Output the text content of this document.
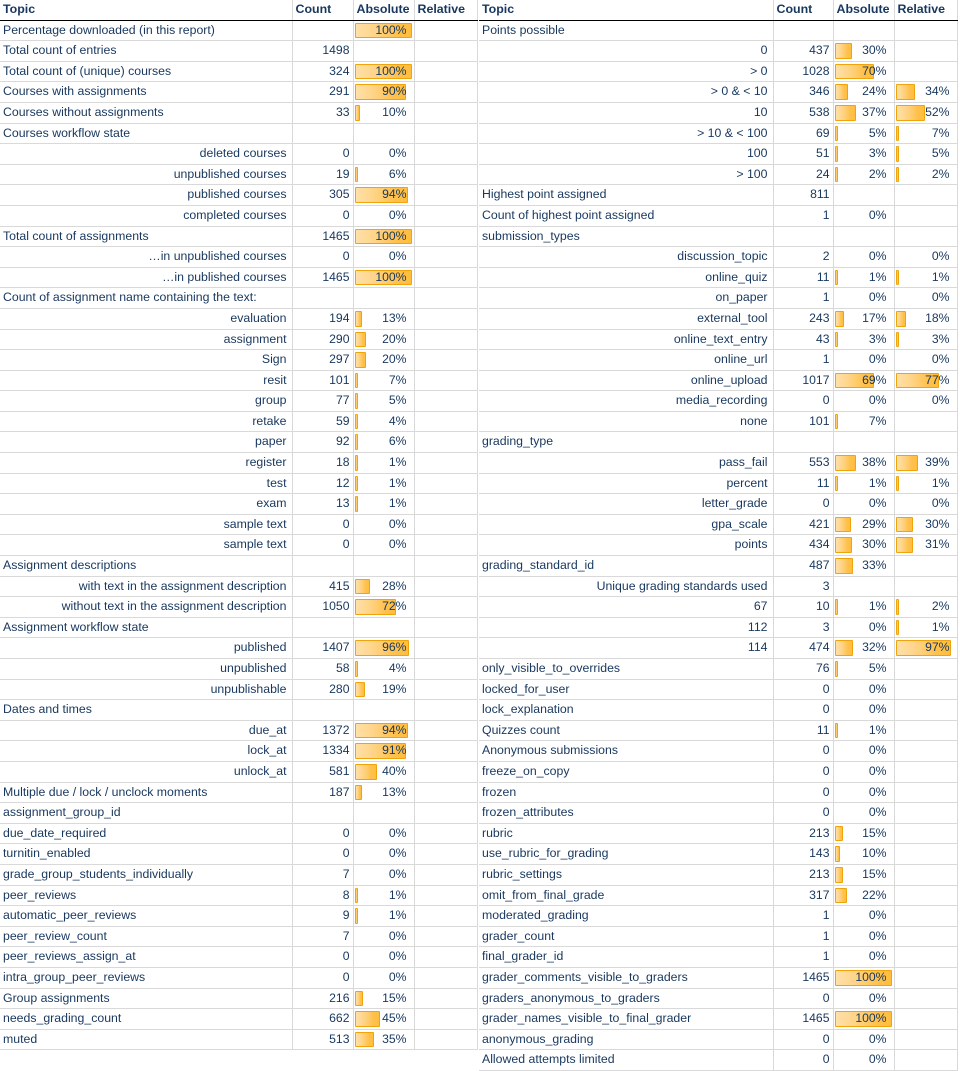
Topic	Count	Absolute	Relative
Percentage downloaded (in this report)		100%	

Total count of entries	1498		
Total count of (unique) courses	324	100%	

Courses with assignments	291	90%	

Courses without assignments	33	10%	

Courses workflow state			
deleted courses	0	0%	

unpublished courses	19	6%	

published courses	305	94%	

completed courses	0	0%	

Total count of assignments	1465	100%	

…in unpublished courses	0	0%	

…in published courses	1465	100%	

Count of assignment name containing the text:			
evaluation	194	13%	

assignment	290	20%	

Sign	297	20%	

resit	101	7%	

group	77	5%	

retake	59	4%	

paper	92	6%	

register	18	1%	

test	12	1%	

exam	13	1%	

sample text	0	0%	

sample text	0	0%	

Assignment descriptions			
with text in the assignment description	415	28%	

without text in the assignment description	1050	72%	

Assignment workflow state			
published	1407	96%	

unpublished	58	4%	

unpublishable	280	19%	

Dates and times			
due_at	1372	94%	

lock_at	1334	91%	

unlock_at	581	40%	

Multiple due / lock / unclock moments	187	13%	

assignment_group_id			
due_date_required	0	0%	

turnitin_enabled	0	0%	

grade_group_students_individually	7	0%	

peer_reviews	8	1%	

automatic_peer_reviews	9	1%	

peer_review_count	7	0%	

peer_reviews_assign_at	0	0%	

intra_group_peer_reviews	0	0%	

Group assignments	216	15%	

needs_grading_count	662	45%	

muted	513	35%	

Topic	Count	Absolute	Relative
Points possible			
0	437	30%	

> 0	1028	70%	

> 0 & < 10	346	24%	34%

10	538	37%	52%

> 10 & < 100	69	5%	7%

100	51	3%	5%

> 100	24	2%	2%

Highest point assigned	811		
Count of highest point assigned	1	0%	

submission_types			
discussion_topic	2	0%	0%

online_quiz	11	1%	1%

on_paper	1	0%	0%

external_tool	243	17%	18%

online_text_entry	43	3%	3%

online_url	1	0%	0%

online_upload	1017	69%	77%

media_recording	0	0%	0%

none	101	7%	

grading_type			
pass_fail	553	38%	39%

percent	11	1%	1%

letter_grade	0	0%	0%

gpa_scale	421	29%	30%

points	434	30%	31%

grading_standard_id	487	33%	

Unique grading standards used	3		
67	10	1%	2%

112	3	0%	1%

114	474	32%	97%

only_visible_to_overrides	76	5%	

locked_for_user	0	0%	

lock_explanation	0	0%	

Quizzes count	11	1%	

Anonymous submissions	0	0%	

freeze_on_copy	0	0%	

frozen	0	0%	

frozen_attributes	0	0%	

rubric	213	15%	

use_rubric_for_grading	143	10%	

rubric_settings	213	15%	

omit_from_final_grade	317	22%	

moderated_grading	1	0%	

grader_count	1	0%	

final_grader_id	1	0%	

grader_comments_visible_to_graders	1465	100%	

graders_anonymous_to_graders	0	0%	

grader_names_visible_to_final_grader	1465	100%	

anonymous_grading	0	0%	

Allowed attempts limited	0	0%	
